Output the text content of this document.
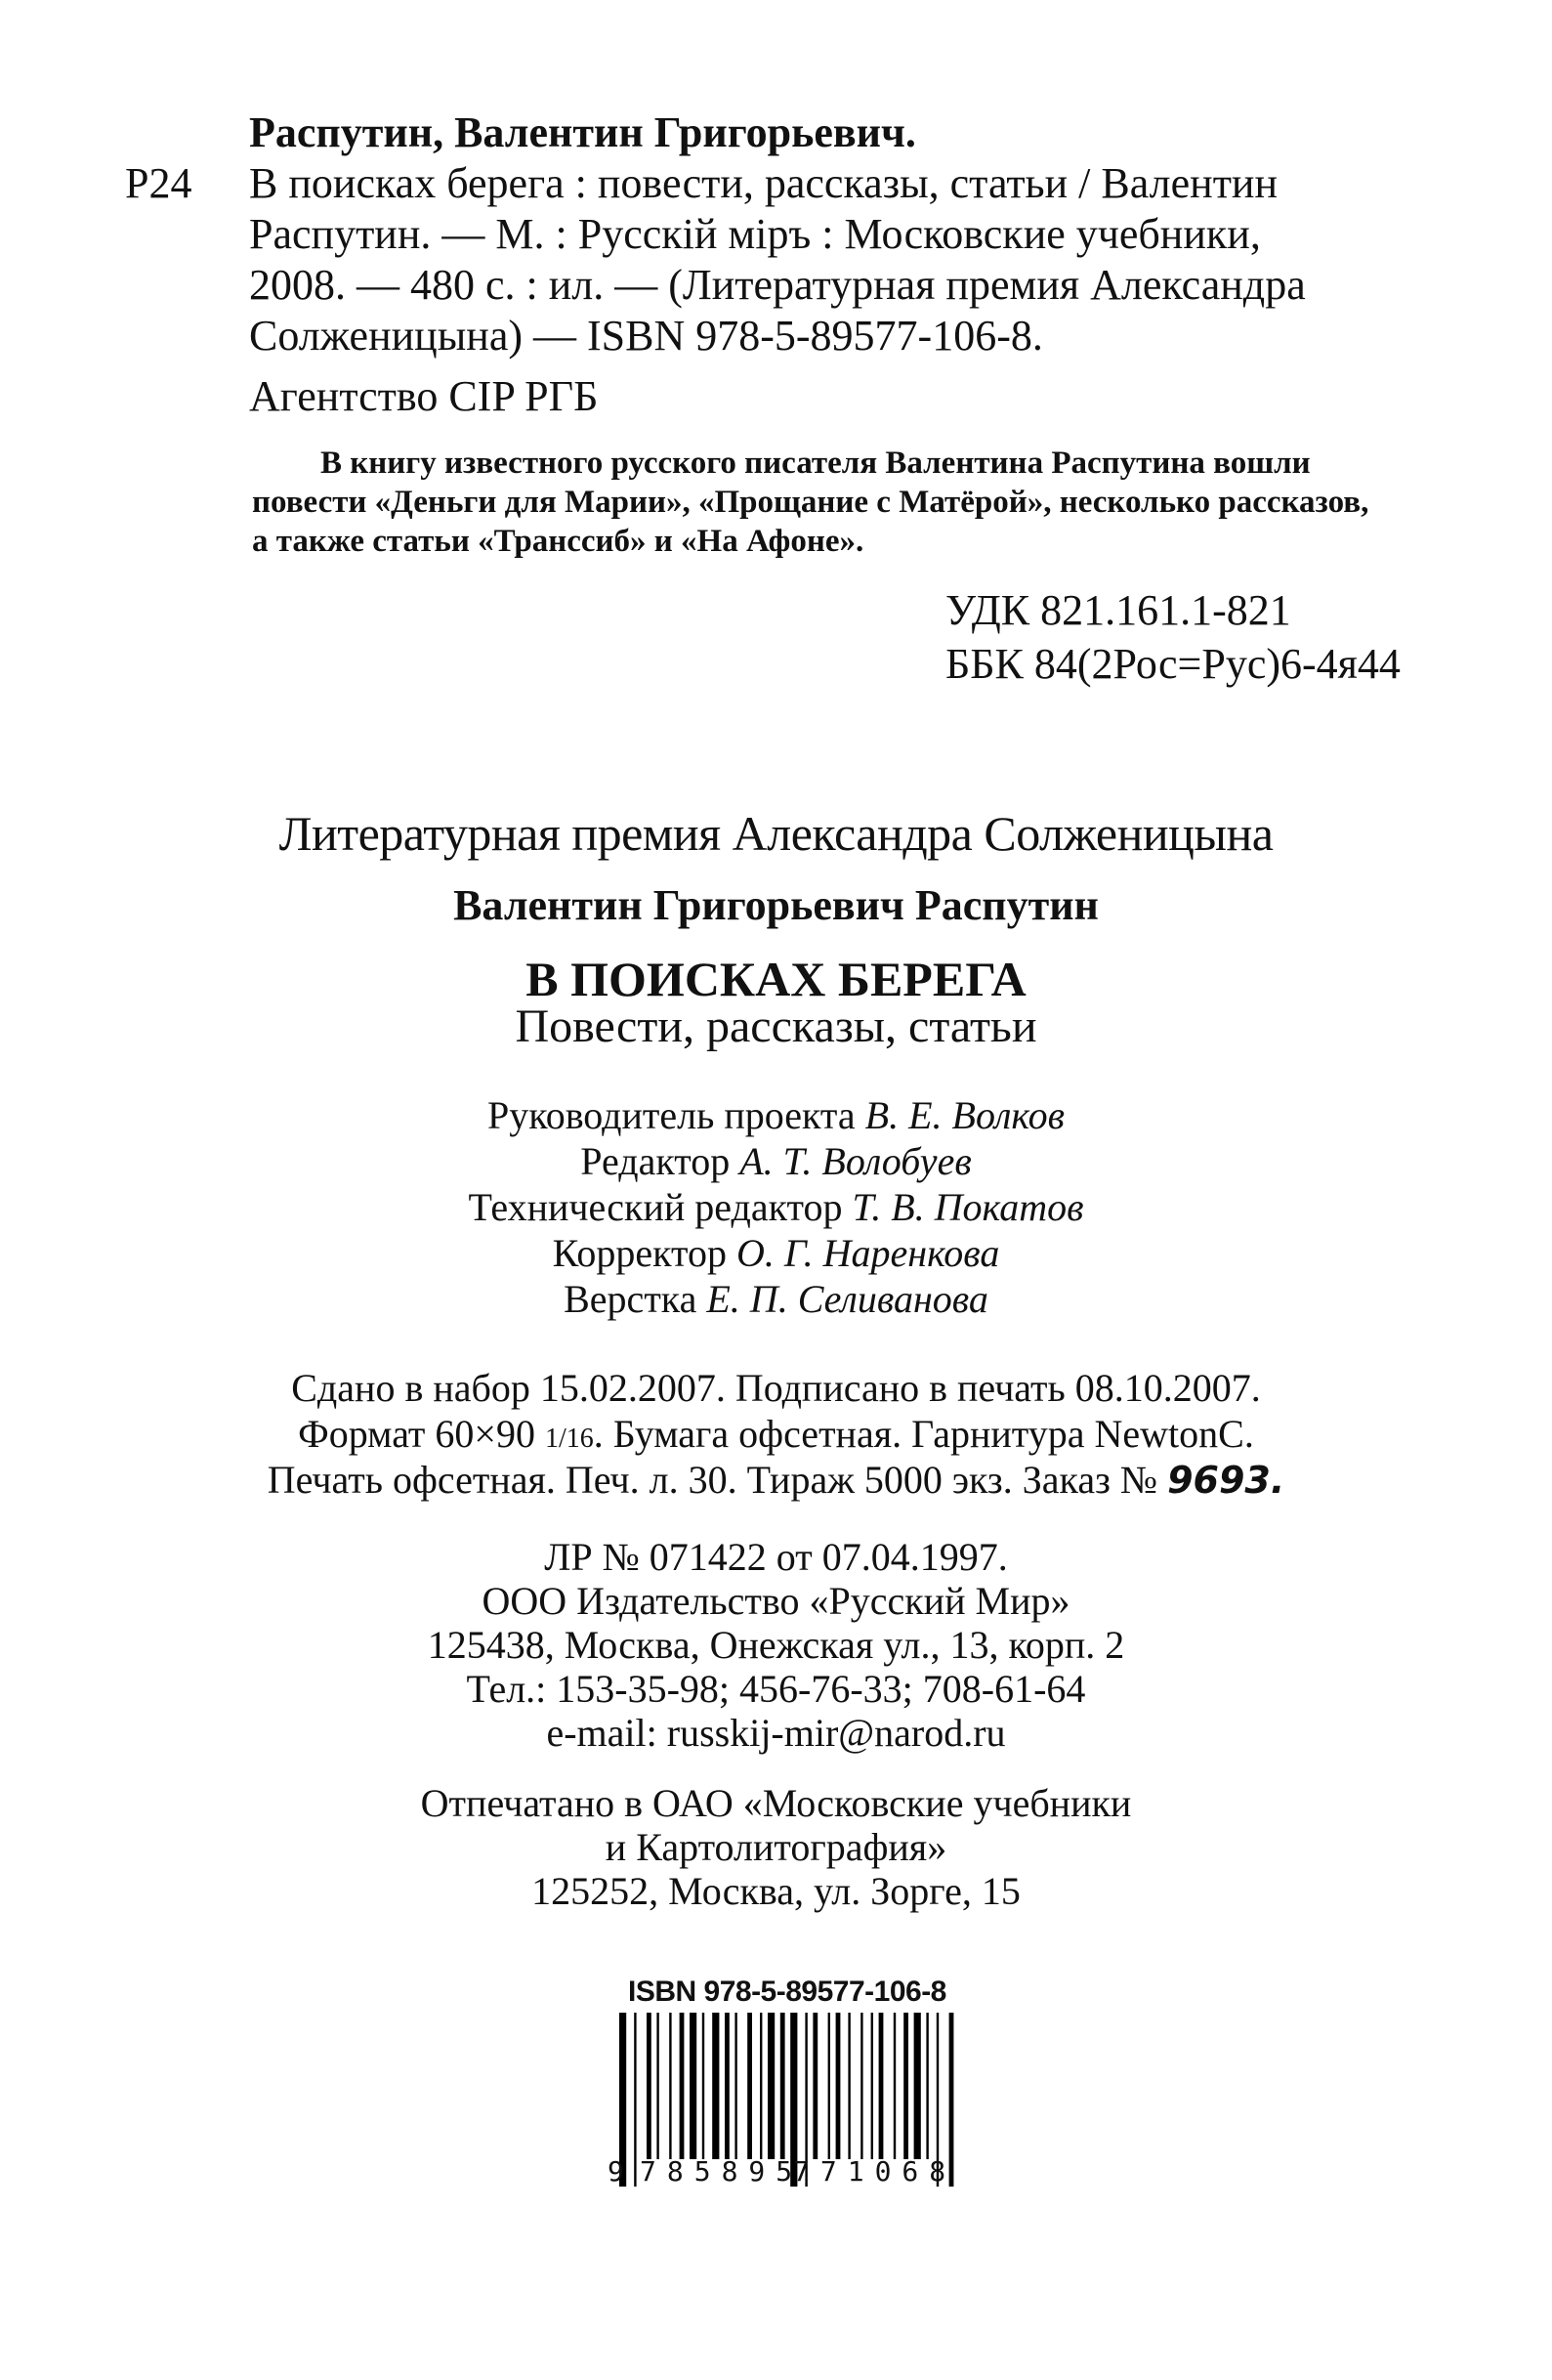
Р24
Распутин, Валентин Григорьевич.
В поисках берега : повести, рассказы, статьи / Валентин
Распутин. — М. : Русскiй мiръ : Московские учебники,
2008. — 480 с. : ил. — (Литературная премия Александра
Солженицына) — ISBN 978-5-89577-106-8.
Агентство CIP РГБ
В книгу известного русского писателя Валентина Распутина вошли
повести «Деньги для Марии», «Прощание с Матёрой», несколько рассказов,
а также статьи «Транссиб» и «На Афоне».
УДК 821.161.1-821
ББК 84(2Рос=Рус)6-4я44
Литературная премия Александра Солженицына
Валентин Григорьевич Распутин
В ПОИСКАХ БЕРЕГА
Повести, рассказы, статьи
Руководитель проекта В. Е. Волков
Редактор А. Т. Волобуев
Технический редактор Т. В. Покатов
Корректор О. Г. Наренкова
Верстка Е. П. Селиванова
Сдано в набор 15.02.2007. Подписано в печать 08.10.2007.
Формат 60×90 1/16. Бумага офсетная. Гарнитура NewtonC.
Печать офсетная. Печ. л. 30. Тираж 5000 экз. Заказ № 9693.
ЛР № 071422 от 07.04.1997.
ООО Издательство «Русский Мир»
125438, Москва, Онежская ул., 13, корп. 2
Тел.: 153-35-98; 456-76-33; 708-61-64
e-mail: russkij-mir@narod.ru
Отпечатано в ОАО «Московские учебники
и Картолитография»
125252, Москва, ул. Зорге, 15
ISBN 978-5-89577-106-8
9 785895
771068
